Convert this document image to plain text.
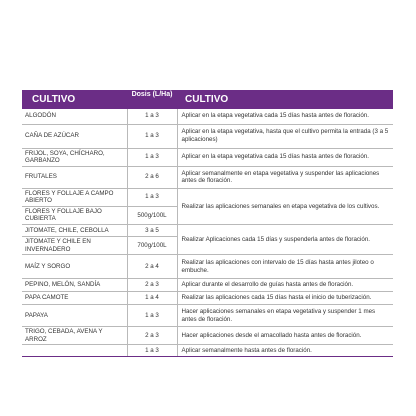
CULTIVO	Dosis (L/Ha)	CULTIVO
ALGODÓN	1 a 3	Aplicar en la etapa vegetativa cada 15 días hasta antes de floración.
CAÑA DE AZÚCAR	1 a 3	Aplicar en la etapa vegetativa, hasta que el cultivo permita la entrada (3 a 5 aplicaciones)
FRIJOL, SOYA, CHÍCHARO, GARBANZO	1 a 3	Aplicar en la etapa vegetativa cada 15 días hasta antes de floración.
FRUTALES	2 a 6	Aplicar semanalmente en etapa vegetativa y suspender las aplicaciones antes de floración.
FLORES Y FOLLAJE A CAMPO ABIERTO	1 a 3	Realizar las aplicaciones semanales en etapa vegetativa de los cultivos.
FLORES Y FOLLAJE BAJO CUBIERTA	500g/100L	
JITOMATE, CHILE, CEBOLLA	3 a 5	Realizar Aplicaciones cada 15 días y suspenderla antes de floración.
JITOMATE Y CHILE EN INVERNADERO	700g/100L	
MAÍZ Y SORGO	2 a 4	Realizar las aplicaciones con intervalo de 15 días hasta antes jiloteo o embuche.
PEPINO, MELÓN, SANDÍA	2 a 3	Aplicar durante el desarrollo de guías hasta antes de floración.
PAPA CAMOTE	1 a 4	Realizar las aplicaciones cada 15 días hasta el inicio de tuberización.
PAPAYA	1 a 3	Hacer aplicaciones semanales en etapa vegetativa y suspender 1 mes antes de floración.
TRIGO, CEBADA, AVENA Y ARROZ	2 a 3	Hacer aplicaciones desde el amacollado hasta antes de floración.
	1 a 3	Aplicar semanalmente hasta antes de floración.
